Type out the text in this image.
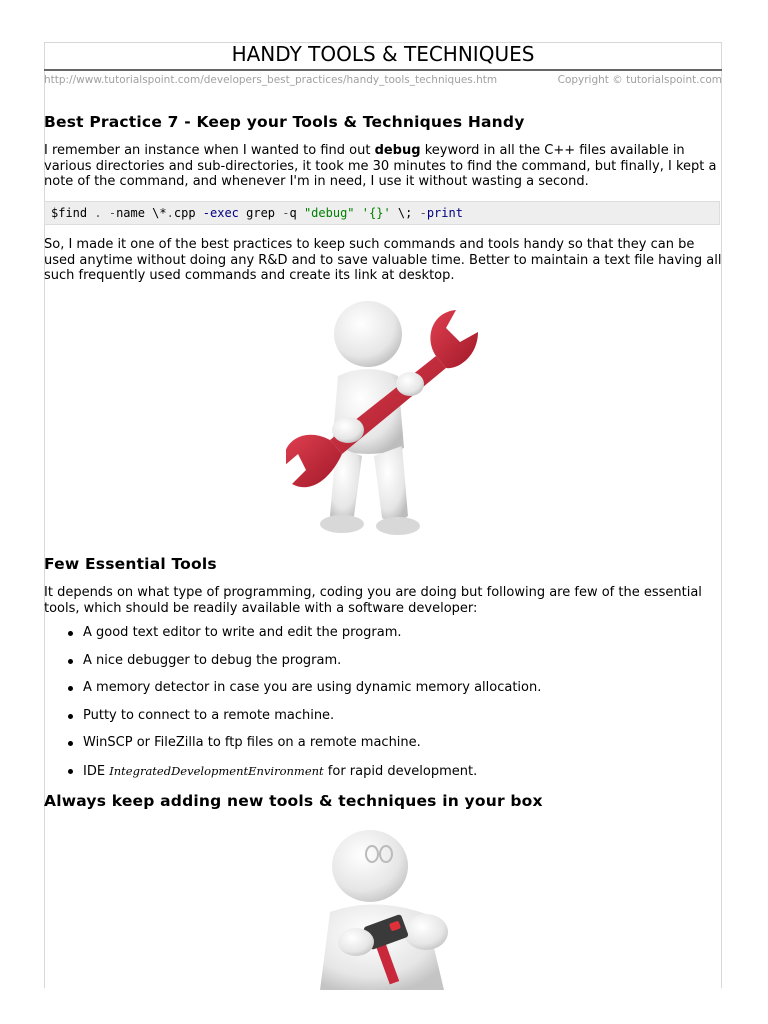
HANDY TOOLS & TECHNIQUES
http://www.tutorialspoint.com/developers_best_practices/handy_tools_techniques.htm	Copyright © tutorialspoint.com
Best Practice 7 - Keep your Tools & Techniques Handy

I remember an instance when I wanted to find out debug keyword in all the C++ files available in various directories and sub-directories, it took me 30 minutes to find the command, but finally, I kept a note of the command, and whenever I'm in need, I use it without wasting a second.

$find . -name \*.cpp -exec grep -q "debug" '{}' \; -print

So, I made it one of the best practices to keep such commands and tools handy so that they can be used anytime without doing any R&D and to save valuable time. Better to maintain a text file having all such frequently used commands and create its link at desktop.

Few Essential Tools

It depends on what type of programming, coding you are doing but following are few of the essential tools, which should be readily available with a software developer:

A good text editor to write and edit the program.
A nice debugger to debug the program.
A memory detector in case you are using dynamic memory allocation.
Putty to connect to a remote machine.
WinSCP or FileZilla to ftp files on a remote machine.
IDE IntegratedDevelopmentEnvironment for rapid development.
Always keep adding new tools & techniques in your box
